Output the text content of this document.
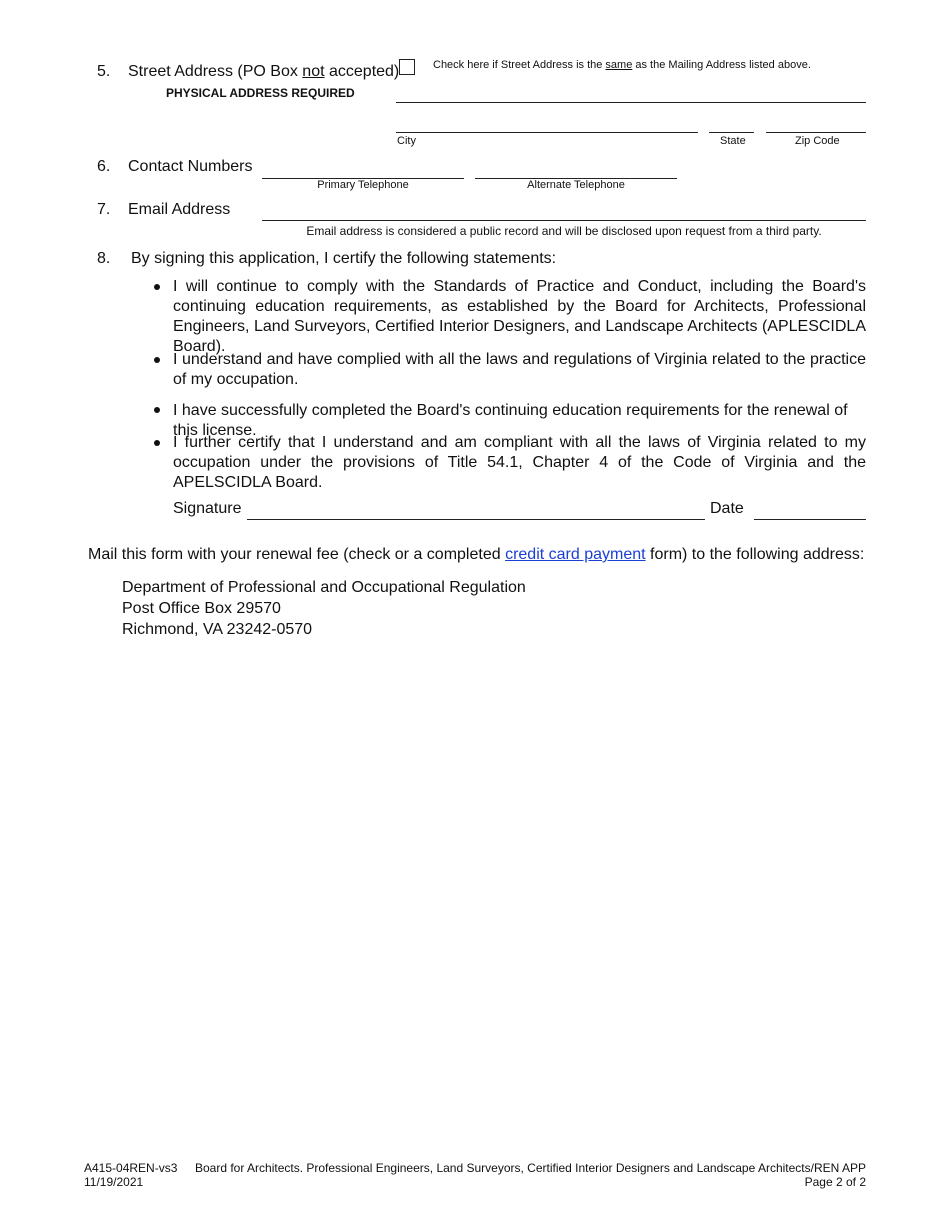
5. Street Address (PO Box not accepted)
PHYSICAL ADDRESS REQUIRED
Check here if Street Address is the same as the Mailing Address listed above.
City	State	Zip Code
6. Contact Numbers
Primary Telephone	Alternate Telephone
7. Email Address
Email address is considered a public record and will be disclosed upon request from a third party.
8. By signing this application, I certify the following statements:
I will continue to comply with the Standards of Practice and Conduct, including the Board's continuing education requirements, as established by the Board for Architects, Professional Engineers, Land Surveyors, Certified Interior Designers, and Landscape Architects (APLESCIDLA Board).
I understand and have complied with all the laws and regulations of Virginia related to the practice of my occupation.
I have successfully completed the Board's continuing education requirements for the renewal of this license.
I further certify that I understand and am compliant with all the laws of Virginia related to my occupation under the provisions of Title 54.1, Chapter 4 of the Code of Virginia and the APELSCIDLA Board.
Signature	Date
Mail this form with your renewal fee (check or a completed credit card payment form) to the following address:
Department of Professional and Occupational Regulation
Post Office Box 29570
Richmond, VA 23242-0570
A415-04REN-vs3
11/19/2021
Board for Architects. Professional Engineers, Land Surveyors, Certified Interior Designers and Landscape Architects/REN APP
Page 2 of 2
